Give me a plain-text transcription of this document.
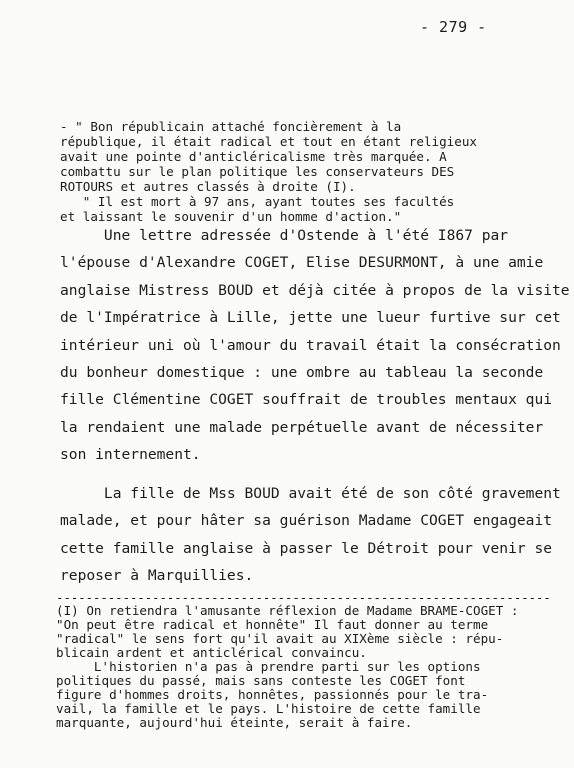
- 279 -
- " Bon républicain attaché foncièrement à la
république, il était radical et tout en étant religieux
avait une pointe d'anticléricalisme très marquée. A
combattu sur le plan politique les conservateurs DES
ROTOURS et autres classés à droite (I).
" Il est mort à 97 ans, ayant toutes ses facultés
et laissant le souvenir d'un homme d'action."
Une lettre adressée d'Ostende à l'été I867 par
l'épouse d'Alexandre COGET, Elise DESURMONT, à une amie
anglaise Mistress BOUD et déjà citée à propos de la visite
de l'Impératrice à Lille, jette une lueur furtive sur cet
intérieur uni où l'amour du travail était la consécration
du bonheur domestique : une ombre au tableau la seconde
fille Clémentine COGET souffrait de troubles mentaux qui
la rendaient une malade perpétuelle avant de nécessiter
son internement.
La fille de Mss BOUD avait été de son côté gravement
malade, et pour hâter sa guérison Madame COGET engageait
cette famille anglaise à passer le Détroit pour venir se
reposer à Marquillies.
-------------------------------------------------------------------
(I) On retiendra l'amusante réflexion de Madame BRAME-COGET :
"On peut être radical et honnête" Il faut donner au terme
"radical" le sens fort qu'il avait au XIXème siècle : répu-
blicain ardent et anticlérical convaincu.
L'historien n'a pas à prendre parti sur les options
politiques du passé, mais sans conteste les COGET font
figure d'hommes droits, honnêtes, passionnés pour le tra-
vail, la famille et le pays. L'histoire de cette famille
marquante, aujourd'hui éteinte, serait à faire.
